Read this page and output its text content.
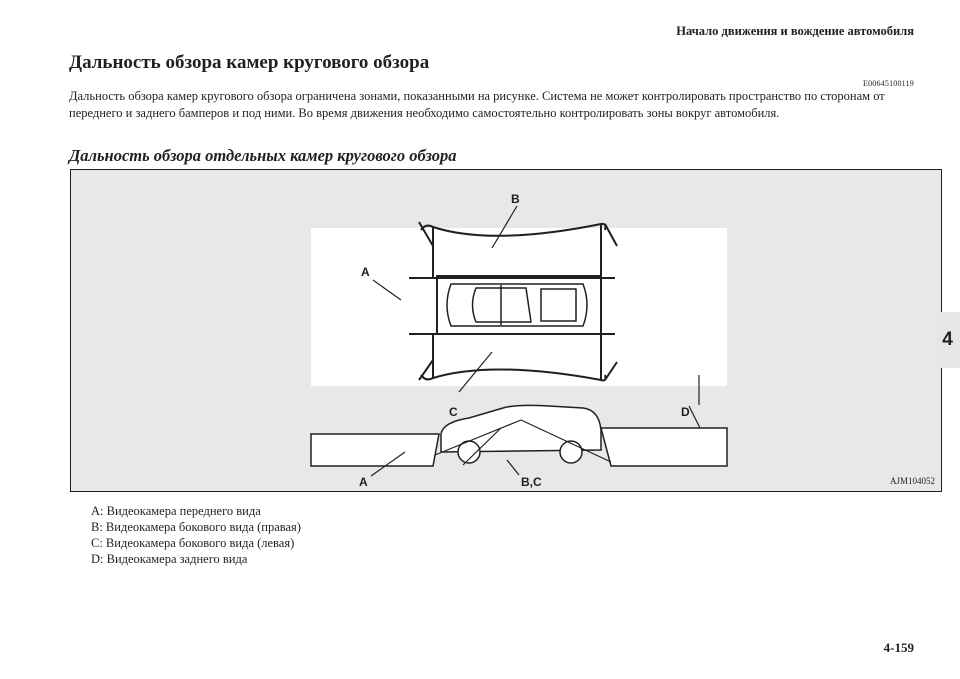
Начало движения и вождение автомобиля
Дальность обзора камер кругового обзора
E00645100119

Дальность обзора камер кругового обзора ограничена зонами, показанными на рисунке. Система не может контролировать пространство по сторонам от переднего и заднего бамперов и под ними. Во время движения необходимо самостоятельно контролировать зоны вокруг автомобиля.

Дальность обзора отдельных камер кругового обзора
B
A
C	D
A	B,C	AJM104052
A: Видеокамера переднего вида
B: Видеокамера бокового вида (правая)
C: Видеокамера бокового вида (левая)
D: Видеокамера заднего вида
4
4-159
